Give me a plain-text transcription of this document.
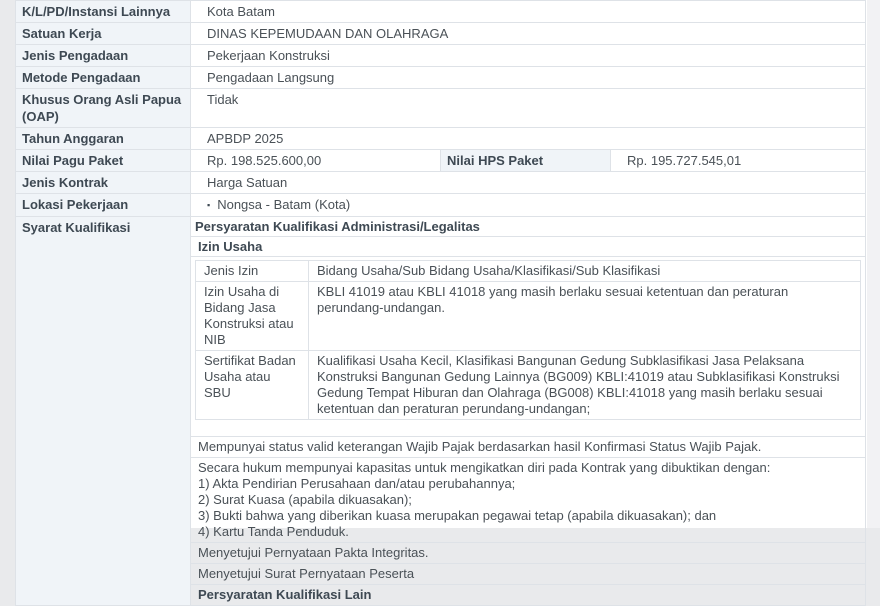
K/L/PD/Instansi Lainnya	Kota Batam
Satuan Kerja	DINAS KEPEMUDAAN DAN OLAHRAGA
Jenis Pengadaan	Pekerjaan Konstruksi
Metode Pengadaan	Pengadaan Langsung
Khusus Orang Asli Papua (OAP)	Tidak
Tahun Anggaran	APBDP 2025
Nilai Pagu Paket	Rp. 198.525.600,00	Nilai HPS Paket	Rp. 195.727.545,01
Jenis Kontrak	Harga Satuan
Lokasi Pekerjaan	▪ Nongsa - Batam (Kota)
Syarat Kualifikasi	Persyaratan Kualifikasi Administrasi/Legalitas
Izin Usaha
Jenis Izin	Bidang Usaha/Sub Bidang Usaha/Klasifikasi/Sub Klasifikasi
Izin Usaha di Bidang Jasa Konstruksi atau NIB	KBLI 41019 atau KBLI 41018 yang masih berlaku sesuai ketentuan dan peraturan perundang-undangan.
Sertifikat Badan Usaha atau SBU	Kualifikasi Usaha Kecil, Klasifikasi Bangunan Gedung Subklasifikasi Jasa Pelaksana Konstruksi Bangunan Gedung Lainnya (BG009) KBLI:41019 atau Subklasifikasi Konstruksi Gedung Tempat Hiburan dan Olahraga (BG008) KBLI:41018 yang masih berlaku sesuai ketentuan dan peraturan perundang-undangan;
Mempunyai status valid keterangan Wajib Pajak berdasarkan hasil Konfirmasi Status Wajib Pajak.
Secara hukum mempunyai kapasitas untuk mengikatkan diri pada Kontrak yang dibuktikan dengan:
1) Akta Pendirian Perusahaan dan/atau perubahannya;
2) Surat Kuasa (apabila dikuasakan);
3) Bukti bahwa yang diberikan kuasa merupakan pegawai tetap (apabila dikuasakan); dan
4) Kartu Tanda Penduduk.
Menyetujui Pernyataan Pakta Integritas.
Menyetujui Surat Pernyataan Peserta
Persyaratan Kualifikasi Lain
